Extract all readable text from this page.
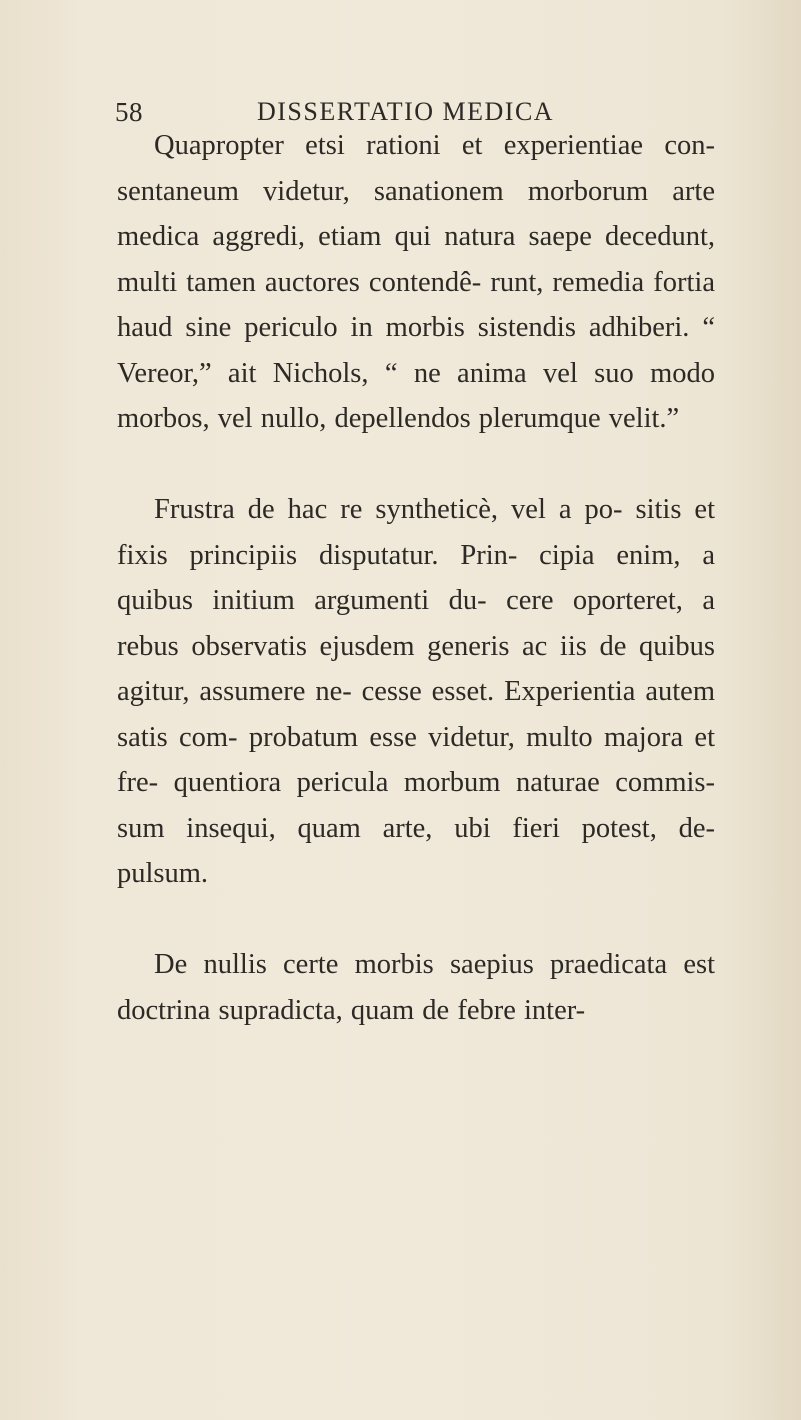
58	DISSERTATIO MEDICA

Quapropter etsi rationi et experientiae con- sentaneum videtur, sanationem morborum arte medica aggredi, etiam qui natura saepe decedunt, multi tamen auctores contendê- runt, remedia fortia haud sine periculo in morbis sistendis adhiberi. “ Vereor,” ait Nichols, “ ne anima vel suo modo morbos, vel nullo, depellendos plerumque velit.”

Frustra de hac re syntheticè, vel a po- sitis et fixis principiis disputatur. Prin- cipia enim, a quibus initium argumenti du- cere oporteret, a rebus observatis ejusdem generis ac iis de quibus agitur, assumere ne- cesse esset. Experientia autem satis com- probatum esse videtur, multo majora et fre- quentiora pericula morbum naturae commis- sum insequi, quam arte, ubi fieri potest, de- pulsum.

De nullis certe morbis saepius praedicata est doctrina supradicta, quam de febre inter-
